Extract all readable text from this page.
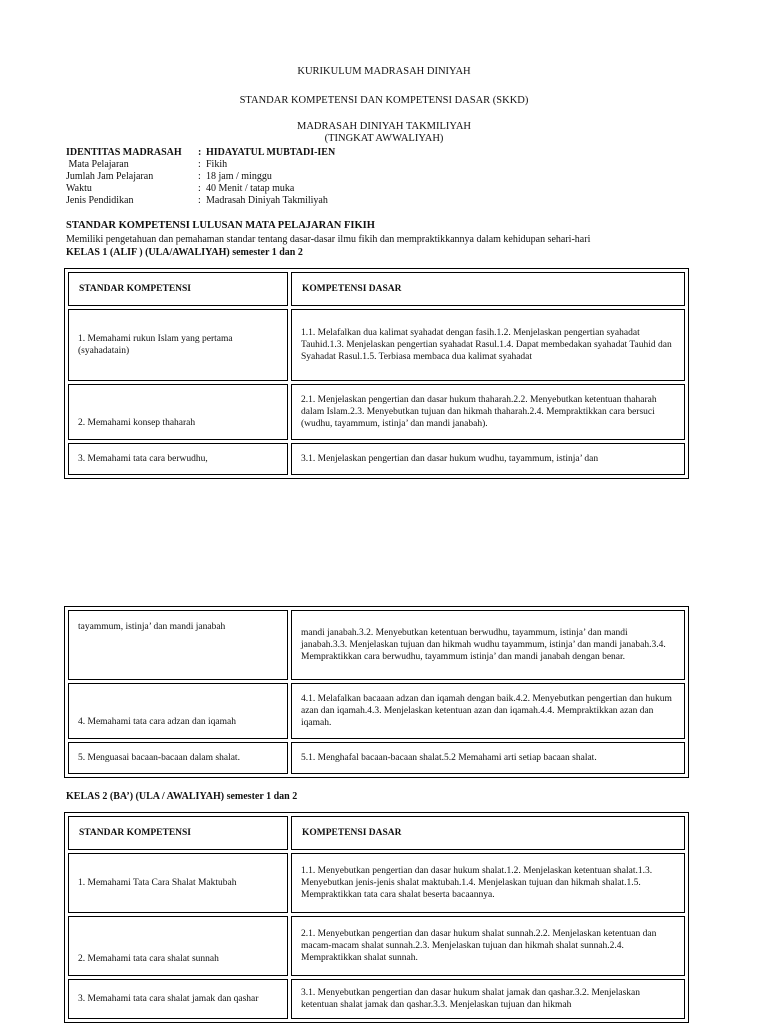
KURIKULUM MADRASAH DINIYAH
STANDAR KOMPETENSI DAN KOMPETENSI DASAR (SKKD)
MADRASAH DINIYAH TAKMILIYAH
(TINGKAT AWWALIYAH)
IDENTITAS MADRASAH	: HIDAYATUL MUBTADI-IEN
Mata Pelajaran	: Fikih
Jumlah Jam Pelajaran	: 18 jam / minggu
Waktu	: 40 Menit / tatap muka
Jenis Pendidikan	: Madrasah Diniyah Takmiliyah
STANDAR KOMPETENSI LULUSAN MATA PELAJARAN FIKIH
Memiliki pengetahuan dan pemahaman standar tentang dasar-dasar ilmu fikih dan mempraktikkannya dalam kehidupan sehari-hari
KELAS 1 (ALIF ) (ULA/AWALIYAH) semester 1 dan 2
STANDAR KOMPETENSI	KOMPETENSI DASAR
1. Memahami rukun Islam yang pertama (syahadatain)	1.1. Melafalkan dua kalimat syahadat dengan fasih.1.2. Menjelaskan pengertian syahadat Tauhid.1.3. Menjelaskan pengertian syahadat Rasul.1.4. Dapat membedakan syahadat Tauhid dan Syahadat Rasul.1.5. Terbiasa membaca dua kalimat syahadat
2. Memahami konsep thaharah	2.1. Menjelaskan pengertian dan dasar hukum thaharah.2.2. Menyebutkan ketentuan thaharah dalam Islam.2.3. Menyebutkan tujuan dan hikmah thaharah.2.4. Mempraktikkan cara bersuci (wudhu, tayammum, istinja’ dan mandi janabah).
3. Memahami tata cara berwudhu,	3.1. Menjelaskan pengertian dan dasar hukum wudhu, tayammum, istinja’ dan
tayammum, istinja’ dan mandi janabah	mandi janabah.3.2. Menyebutkan ketentuan berwudhu, tayammum, istinja’ dan mandi janabah.3.3. Menjelaskan tujuan dan hikmah wudhu tayammum, istinja’ dan mandi janabah.3.4. Mempraktikkan cara berwudhu, tayammum istinja’ dan mandi janabah dengan benar.
4. Memahami tata cara adzan dan iqamah	4.1. Melafalkan bacaaan adzan dan iqamah dengan baik.4.2. Menyebutkan pengertian dan hukum azan dan iqamah.4.3. Menjelaskan ketentuan azan dan iqamah.4.4. Mempraktikkan azan dan iqamah.
5. Menguasai bacaan-bacaan dalam shalat.	5.1. Menghafal bacaan-bacaan shalat.5.2 Memahami arti setiap bacaan shalat.
KELAS 2 (BA’) (ULA / AWALIYAH) semester 1 dan 2
STANDAR KOMPETENSI	KOMPETENSI DASAR
1. Memahami Tata Cara Shalat Maktubah	1.1. Menyebutkan pengertian dan dasar hukum shalat.1.2. Menjelaskan ketentuan shalat.1.3. Menyebutkan jenis-jenis shalat maktubah.1.4. Menjelaskan tujuan dan hikmah shalat.1.5. Mempraktikkan tata cara shalat beserta bacaannya.
2. Memahami tata cara shalat sunnah	2.1. Menyebutkan pengertian dan dasar hukum shalat sunnah.2.2. Menjelaskan ketentuan dan macam-macam shalat sunnah.2.3. Menjelaskan tujuan dan hikmah shalat sunnah.2.4. Mempraktikkan shalat sunnah.
3. Memahami tata cara shalat jamak dan qashar	3.1. Menyebutkan pengertian dan dasar hukum shalat jamak dan qashar.3.2. Menjelaskan ketentuan shalat jamak dan qashar.3.3. Menjelaskan tujuan dan hikmah
